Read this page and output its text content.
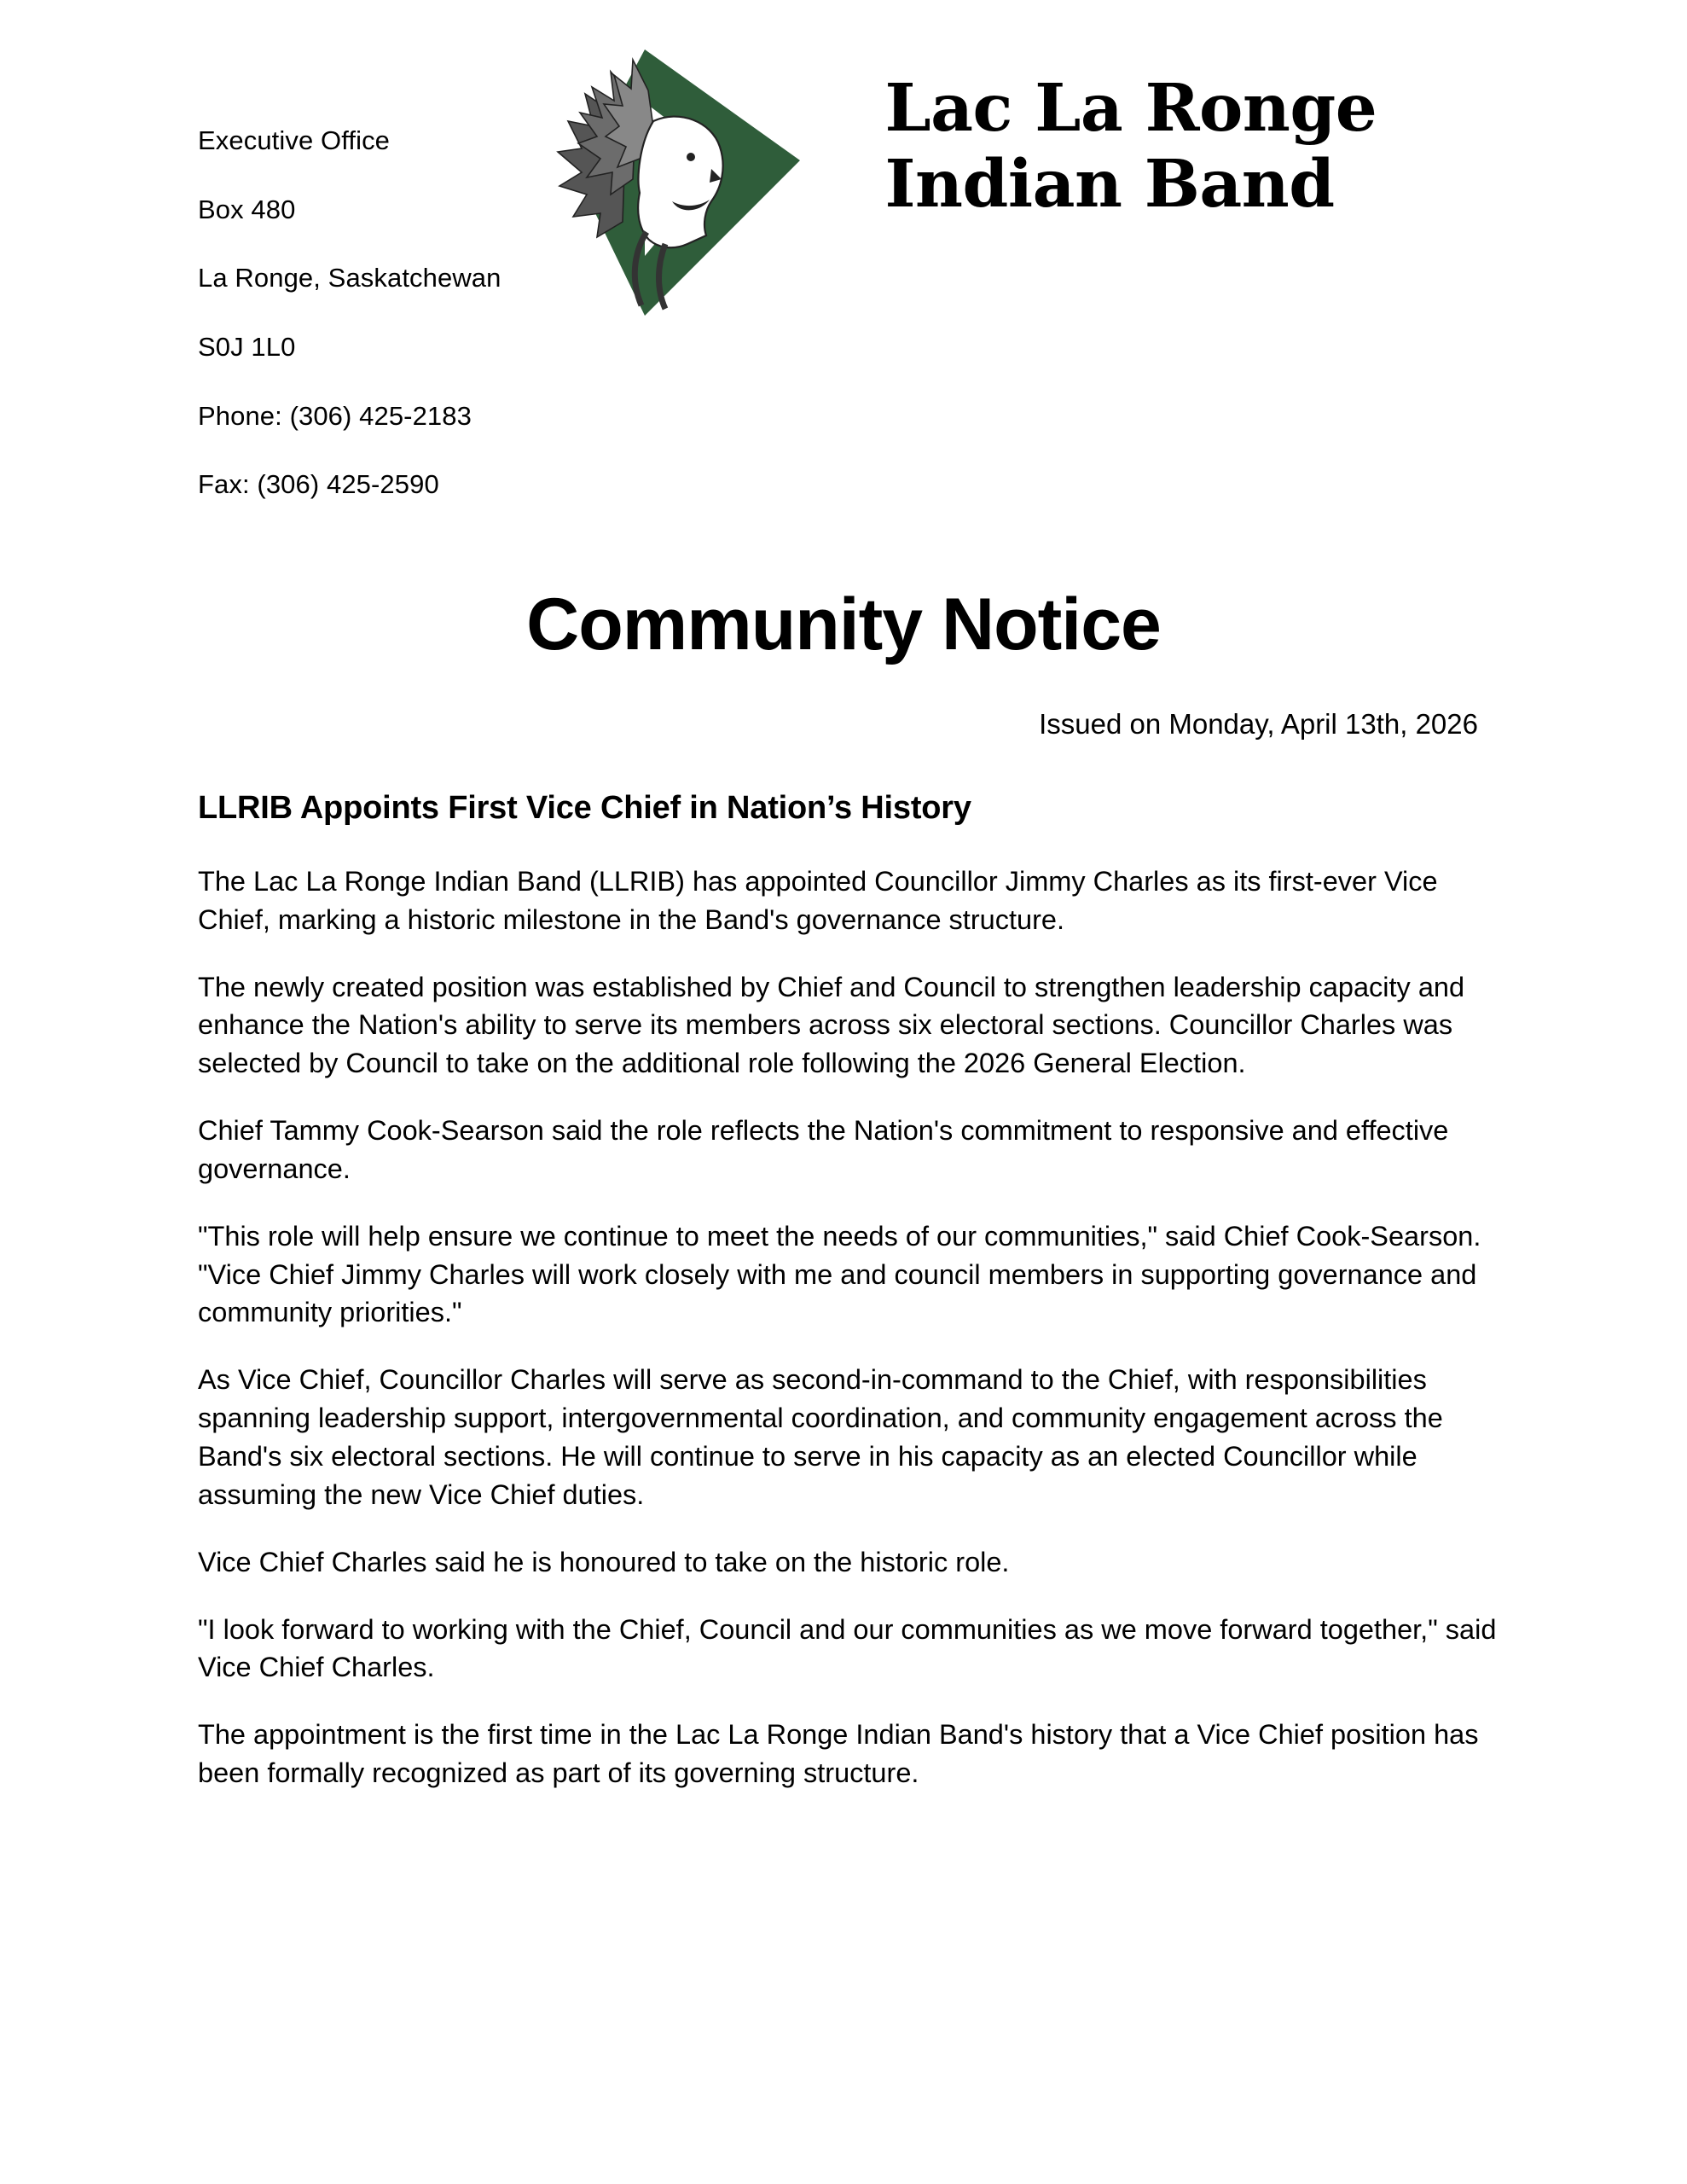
Executive Office

Box 480

La Ronge, Saskatchewan

S0J 1L0

Phone: (306) 425-2183

Fax: (306) 425-2590

Lac La Ronge
Indian Band
Community Notice
Issued on Monday, April 13th, 2026
LLRIB Appoints First Vice Chief in Nation’s History

The Lac La Ronge Indian Band (LLRIB) has appointed Councillor Jimmy Charles as its first-ever Vice Chief, marking a historic milestone in the Band's governance structure.

The newly created position was established by Chief and Council to strengthen leadership capacity and enhance the Nation's ability to serve its members across six electoral sections. Councillor Charles was selected by Council to take on the additional role following the 2026 General Election.

Chief Tammy Cook-Searson said the role reflects the Nation's commitment to responsive and effective governance.

"This role will help ensure we continue to meet the needs of our communities," said Chief Cook-Searson. "Vice Chief Jimmy Charles will work closely with me and council members in supporting governance and community priorities."

As Vice Chief, Councillor Charles will serve as second-in-command to the Chief, with responsibilities spanning leadership support, intergovernmental coordination, and community engagement across the Band's six electoral sections. He will continue to serve in his capacity as an elected Councillor while assuming the new Vice Chief duties.

Vice Chief Charles said he is honoured to take on the historic role.

"I look forward to working with the Chief, Council and our communities as we move forward together," said Vice Chief Charles.

The appointment is the first time in the Lac La Ronge Indian Band's history that a Vice Chief position has been formally recognized as part of its governing structure.
